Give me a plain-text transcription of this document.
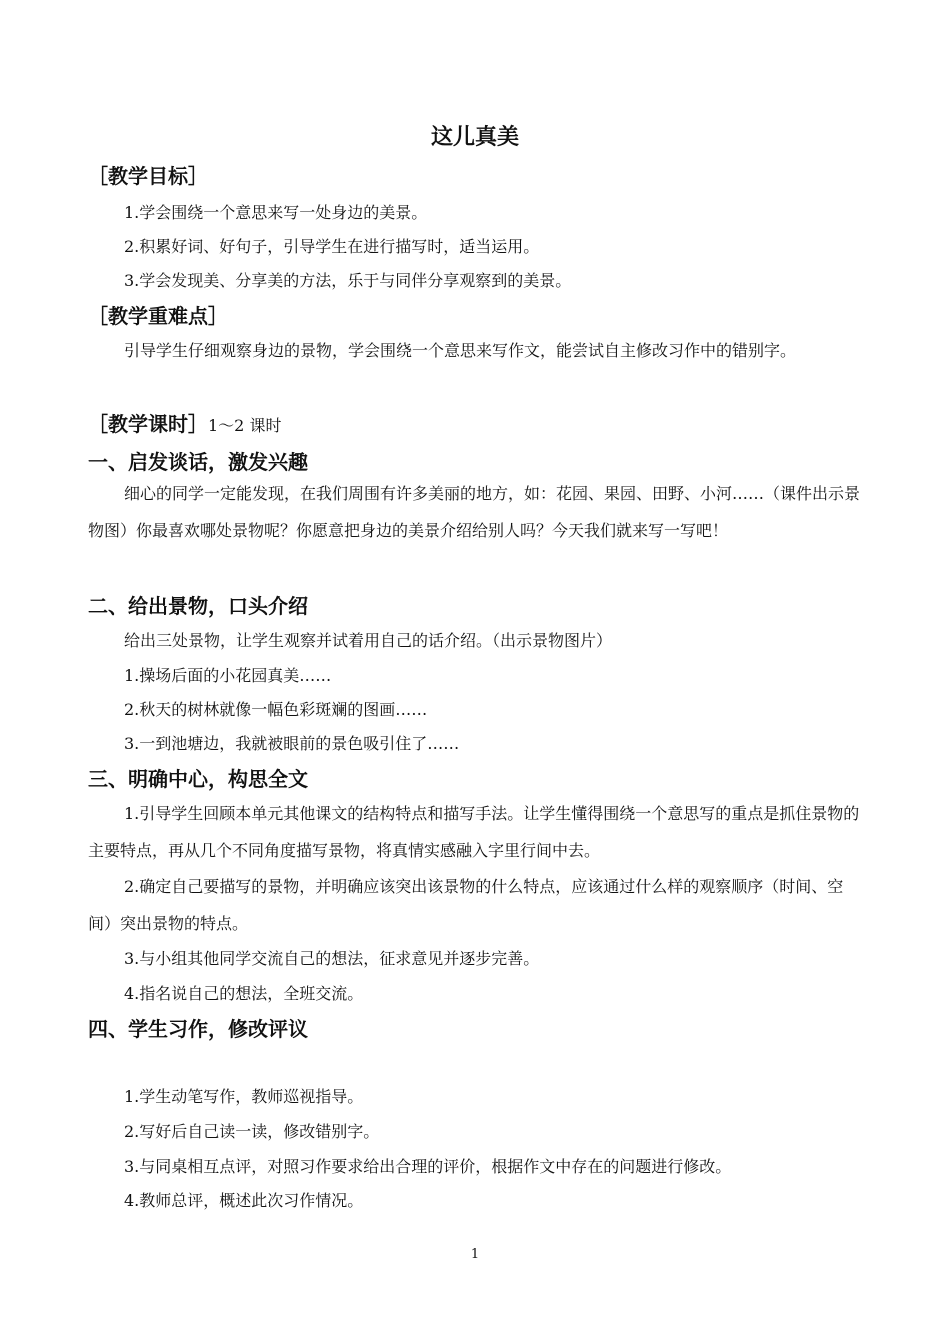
这儿真美
［教学目标］
1.学会围绕一个意思来写一处身边的美景。
2.积累好词、好句子，引导学生在进行描写时，适当运用。
3.学会发现美、分享美的方法，乐于与同伴分享观察到的美景。
［教学重难点］
引导学生仔细观察身边的景物，学会围绕一个意思来写作文，能尝试自主修改习作中的错别字。
［教学课时］1～2 课时
一、启发谈话，激发兴趣
细心的同学一定能发现，在我们周围有许多美丽的地方，如：花园、果园、田野、小河……（课件出示景物图）你最喜欢哪处景物呢？你愿意把身边的美景介绍给别人吗？今天我们就来写一写吧！
二、给出景物，口头介绍
给出三处景物，让学生观察并试着用自己的话介绍。（出示景物图片）
1.操场后面的小花园真美……
2.秋天的树林就像一幅色彩斑斓的图画……
3.一到池塘边，我就被眼前的景色吸引住了……
三、明确中心，构思全文
1.引导学生回顾本单元其他课文的结构特点和描写手法。让学生懂得围绕一个意思写的重点是抓住景物的主要特点，再从几个不同角度描写景物，将真情实感融入字里行间中去。
2.确定自己要描写的景物，并明确应该突出该景物的什么特点，应该通过什么样的观察顺序（时间、空间）突出景物的特点。
3.与小组其他同学交流自己的想法，征求意见并逐步完善。
4.指名说自己的想法，全班交流。
四、学生习作，修改评议
1.学生动笔写作，教师巡视指导。
2.写好后自己读一读，修改错别字。
3.与同桌相互点评，对照习作要求给出合理的评价，根据作文中存在的问题进行修改。
4.教师总评，概述此次习作情况。
1
